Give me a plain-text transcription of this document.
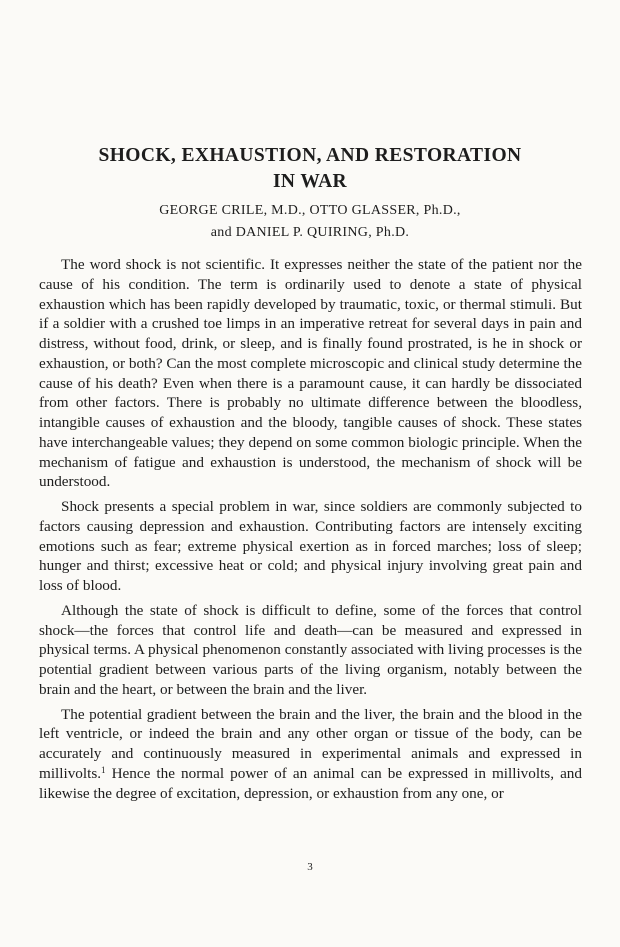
SHOCK, EXHAUSTION, AND RESTORATION
IN WAR
GEORGE CRILE, M.D., OTTO GLASSER, Ph.D.,
and DANIEL P. QUIRING, Ph.D.

The word shock is not scientific. It expresses neither the state of the patient nor the cause of his condition. The term is ordinarily used to denote a state of physical exhaustion which has been rapidly developed by traumatic, toxic, or thermal stimuli. But if a soldier with a crushed toe limps in an imperative retreat for several days in pain and distress, without food, drink, or sleep, and is finally found prostrated, is he in shock or exhaustion, or both? Can the most complete microscopic and clinical study determine the cause of his death? Even when there is a paramount cause, it can hardly be dissociated from other factors. There is probably no ultimate difference between the bloodless, intangible causes of exhaustion and the bloody, tangible causes of shock. These states have interchangeable values; they depend on some common biologic principle. When the mechanism of fatigue and exhaustion is understood, the mechanism of shock will be understood.

Shock presents a special problem in war, since soldiers are commonly subjected to factors causing depression and exhaustion. Contributing factors are intensely exciting emotions such as fear; extreme physical exertion as in forced marches; loss of sleep; hunger and thirst; excessive heat or cold; and physical injury involving great pain and loss of blood.

Although the state of shock is difficult to define, some of the forces that control shock—the forces that control life and death—can be measured and expressed in physical terms. A physical phenomenon constantly associated with living processes is the potential gradient between various parts of the living organism, notably between the brain and the heart, or between the brain and the liver.

The potential gradient between the brain and the liver, the brain and the blood in the left ventricle, or indeed the brain and any other organ or tissue of the body, can be accurately and continuously measured in experimental animals and expressed in millivolts.$^1$ Hence the normal power of an animal can be expressed in millivolts, and likewise the degree of excitation, depression, or exhaustion from any one, or

3
